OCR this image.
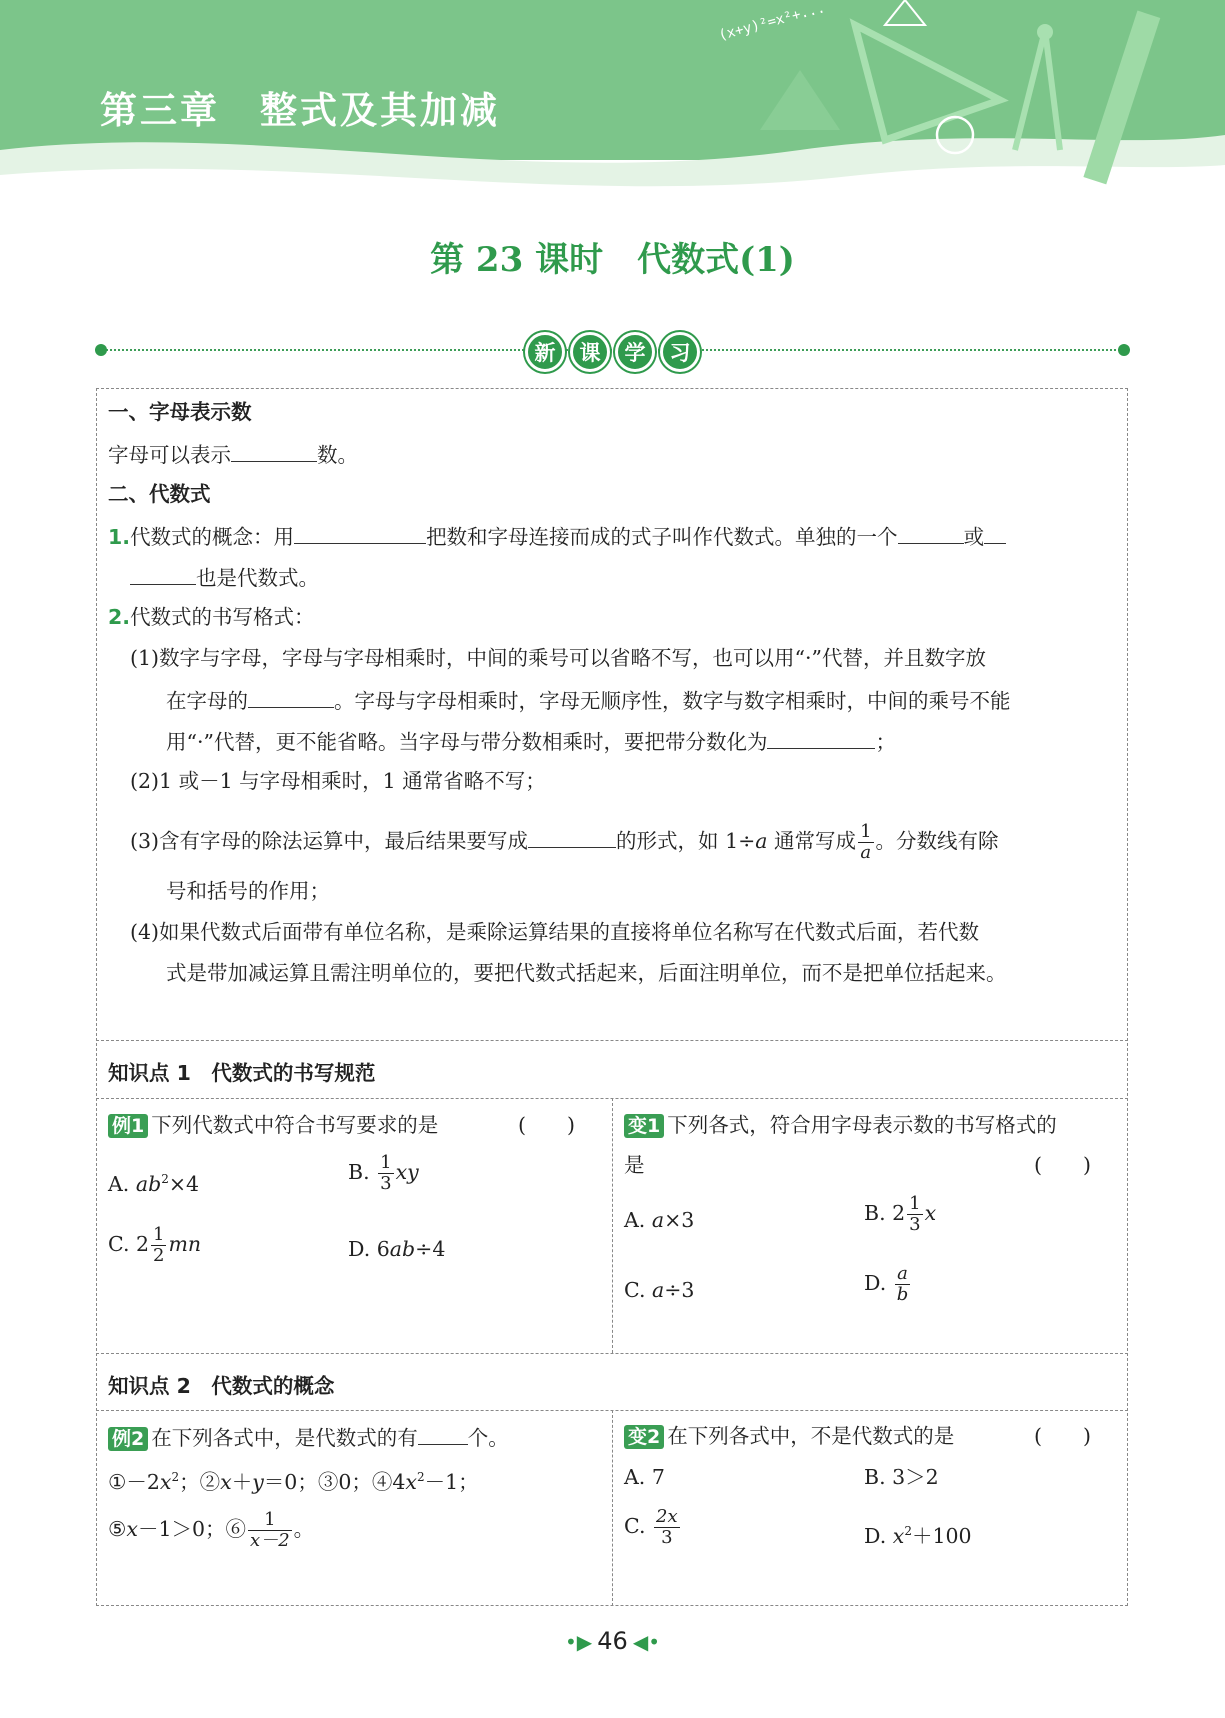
(x+y)²=x²+...
第三章　整式及其加减
第 23 课时　代数式(1)
新	课	学	习
一、字母表示数
字母可以表示	数。
二、代数式
1.代数式的概念：用	把数和字母连接而成的式子叫作代数式。单独的一个	或
也是代数式。
2.代数式的书写格式：
(1)数字与字母，字母与字母相乘时，中间的乘号可以省略不写，也可以用“·”代替，并且数字放
在字母的	。字母与字母相乘时，字母无顺序性，数字与数字相乘时，中间的乘号不能
用“·”代替，更不能省略。当字母与带分数相乘时，要把带分数化为	；
(2)1 或－1 与字母相乘时，1 通常省略不写；
(3)含有字母的除法运算中，最后结果要写成	的形式，如 1÷a 通常写成 $\frac{1}{a}$ 。分数线有除
号和括号的作用；
(4)如果代数式后面带有单位名称，是乘除运算结果的直接将单位名称写在代数式后面，若代数
式是带加减运算且需注明单位的，要把代数式括起来，后面注明单位，而不是把单位括起来。
知识点 1　代数式的书写规范
例1 下列代数式中符合书写要求的是	(　　)
A. $ab^2\times 4$	B. $\frac{1}{3}$ xy
C. $2 \frac{1}{2}$ mn	D. 6ab÷4
变1 下列各式，符合用字母表示数的书写格式的
是	(　　)
A. a×3	B. $2 \frac{1}{3}$ x
C. a÷3	D. $\frac{a}{b}$
知识点 2　代数式的概念
例2 在下列各式中，是代数式的有 个。
$①-2x^2$；②x＋y＝0；③0；$④4x^2-1$；
⑤x－1＞0；⑥ $\frac{1}{x-2}$ 。
变2 在下列各式中，不是代数式的是	(　　)
A. 7	B. 3＞2
C. $\frac{2x}{3}$	D. $x^2+100$
•▶ 46 ◀•
